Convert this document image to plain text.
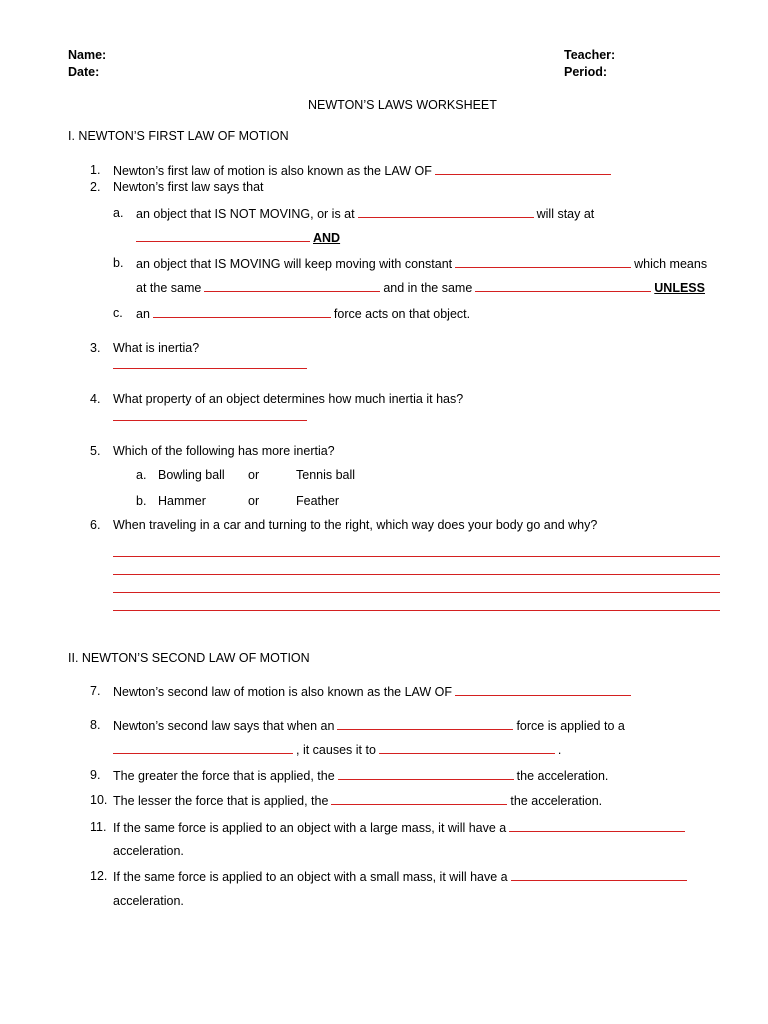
Name:
Date:
Teacher:
Period:
NEWTON’S LAWS WORKSHEET
I. NEWTON’S FIRST LAW OF MOTION
1. Newton’s first law of motion is also known as the LAW OF
2. Newton’s first law says that
a. an object that IS NOT MOVING, or is at	will stay at
AND
b. an object that IS MOVING will keep moving with constant	which means
at the same	and in the same	UNLESS
c. an	force acts on that object.
3. What is inertia?
4. What property of an object determines how much inertia it has?
5. Which of the following has more inertia?
a. Bowling ball or	Tennis ball
b. Hammer	or	Feather
6. When traveling in a car and turning to the right, which way does your body go and why?
II. NEWTON’S SECOND LAW OF MOTION
7. Newton’s second law of motion is also known as the LAW OF
8. Newton’s second law says that when an	force is applied to a
, it causes it to	.
9. The greater the force that is applied, the	the acceleration.
10. The lesser the force that is applied, the	the acceleration.
11. If the same force is applied to an object with a large mass, it will have a
acceleration.
12. If the same force is applied to an object with a small mass, it will have a
acceleration.
